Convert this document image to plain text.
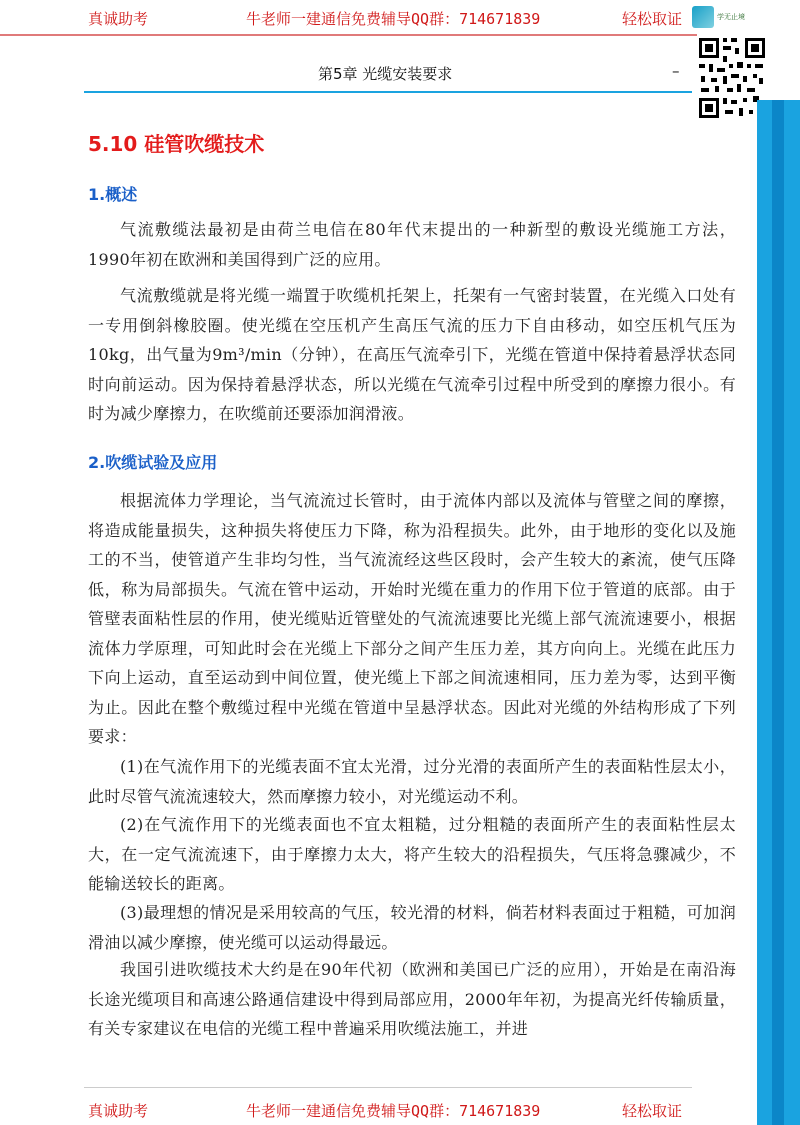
真诚助考	牛老师一建通信免费辅导QQ群：714671839	轻松取证	学无止境
第5章 光缆安装要求	–
5.10 硅管吹缆技术
1.概述
气流敷缆法最初是由荷兰电信在80年代末提出的一种新型的敷设光缆施工方法，1990年初在欧洲和美国得到广泛的应用。
气流敷缆就是将光缆一端置于吹缆机托架上，托架有一气密封装置，在光缆入口处有一专用倒斜橡胶圈。使光缆在空压机产生高压气流的压力下自由移动，如空压机气压为10kg，出气量为9m³/min（分钟），在高压气流牵引下，光缆在管道中保持着悬浮状态同时向前运动。因为保持着悬浮状态，所以光缆在气流牵引过程中所受到的摩擦力很小。有时为减少摩擦力，在吹缆前还要添加润滑液。
2.吹缆试验及应用
根据流体力学理论，当气流流过长管时，由于流体内部以及流体与管壁之间的摩擦，将造成能量损失，这种损失将使压力下降，称为沿程损失。此外，由于地形的变化以及施工的不当，使管道产生非均匀性，当气流流经这些区段时，会产生较大的紊流，使气压降低，称为局部损失。气流在管中运动，开始时光缆在重力的作用下位于管道的底部。由于管壁表面粘性层的作用，使光缆贴近管壁处的气流流速要比光缆上部气流流速要小，根据流体力学原理，可知此时会在光缆上下部分之间产生压力差，其方向向上。光缆在此压力下向上运动，直至运动到中间位置，使光缆上下部之间流速相同，压力差为零，达到平衡为止。因此在整个敷缆过程中光缆在管道中呈悬浮状态。因此对光缆的外结构形成了下列要求：
(1)在气流作用下的光缆表面不宜太光滑，过分光滑的表面所产生的表面粘性层太小，此时尽管气流流速较大，然而摩擦力较小，对光缆运动不利。
(2)在气流作用下的光缆表面也不宜太粗糙，过分粗糙的表面所产生的表面粘性层太大，在一定气流流速下，由于摩擦力太大，将产生较大的沿程损失，气压将急骤减少，不能输送较长的距离。
(3)最理想的情况是采用较高的气压，较光滑的材料，倘若材料表面过于粗糙，可加润滑油以减少摩擦，使光缆可以运动得最远。
我国引进吹缆技术大约是在90年代初（欧洲和美国已广泛的应用），开始是在南沿海长途光缆项目和高速公路通信建设中得到局部应用，2000年年初，为提高光纤传输质量，有关专家建议在电信的光缆工程中普遍采用吹缆法施工，并进
真诚助考	牛老师一建通信免费辅导QQ群：714671839	轻松取证
